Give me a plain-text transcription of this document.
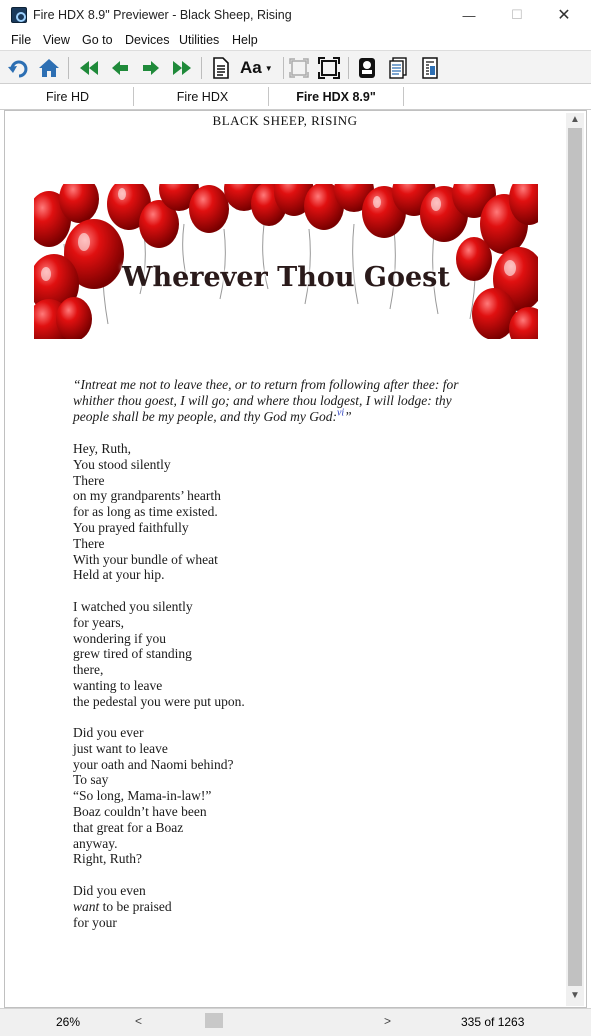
Fire HDX 8.9" Previewer - Black Sheep, Rising	—	☐	✕
File View Go to Devices Utilities Help
Aa ▼
Fire HD	Fire HDX	Fire HDX 8.9"
▲
▼
BLACK SHEEP, RISING
Wherever Thou Goest
“Intreat me not to leave thee, or to return from following after thee: for
whither thou goest, I will go; and where thou lodgest, I will lodge: thy
people shall be my people, and thy God my God:$^{vi}$”
Hey, Ruth,
You stood silently
There
on my grandparents’ hearth
for as long as time existed.
You prayed faithfully
There
With your bundle of wheat
Held at your hip.
I watched you silently
for years,
wondering if you
grew tired of standing
there,
wanting to leave
the pedestal you were put upon.
Did you ever
just want to leave
your oath and Naomi behind?
To say
“So long, Mama-in-law!”
Boaz couldn’t have been
that great for a Boaz
anyway.
Right, Ruth?
Did you even
want to be praised
for your
26%	<	>	335 of 1263
